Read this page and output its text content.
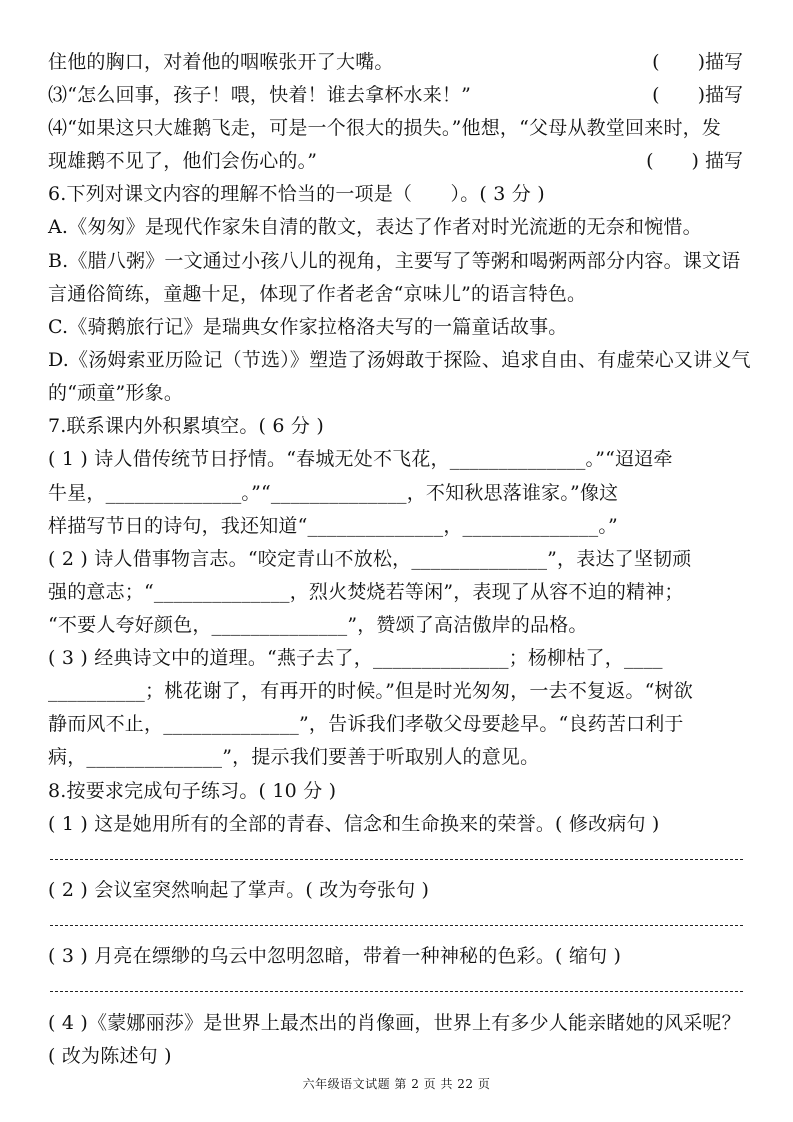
住他的胸口，对着他的咽喉张开了大嘴。	(　　)描写
⑶“怎么回事，孩子！喂，快着！谁去拿杯水来！”	(　　)描写
⑷“如果这只大雄鹅飞走，可是一个很大的损失。”他想，“父母从教堂回来时，发
现雄鹅不见了，他们会伤心的。”	(　　) 描写
6.下列对课文内容的理解不恰当的一项是（　　）。( 3 分 )
A.《匆匆》是现代作家朱自清的散文，表达了作者对时光流逝的无奈和惋惜。
B.《腊八粥》一文通过小孩八儿的视角，主要写了等粥和喝粥两部分内容。课文语
言通俗简练，童趣十足，体现了作者老舍“京味儿”的语言特色。
C.《骑鹅旅行记》是瑞典女作家拉格洛夫写的一篇童话故事。
D.《汤姆索亚历险记（节选）》塑造了汤姆敢于探险、追求自由、有虚荣心又讲义气
的“顽童”形象。
7.联系课内外积累填空。( 6 分 )
( 1 ) 诗人借传统节日抒情。“春城无处不飞花，______________。”“迢迢牵
牛星，______________。”“______________，不知秋思落谁家。”像这
样描写节日的诗句，我还知道“______________，______________。”
( 2 ) 诗人借事物言志。“咬定青山不放松，______________”，表达了坚韧顽
强的意志；“______________，烈火焚烧若等闲”，表现了从容不迫的精神；
“不要人夸好颜色，______________”，赞颂了高洁傲岸的品格。
( 3 ) 经典诗文中的道理。“燕子去了，______________；杨柳枯了，____
__________；桃花谢了，有再开的时候。”但是时光匆匆，一去不复返。“树欲
静而风不止，______________”，告诉我们孝敬父母要趁早。“良药苦口利于
病，______________”，提示我们要善于听取别人的意见。
8.按要求完成句子练习。( 10 分 )
( 1 ) 这是她用所有的全部的青春、信念和生命换来的荣誉。( 修改病句 )
( 2 ) 会议室突然响起了掌声。( 改为夸张句 )
( 3 ) 月亮在缥缈的乌云中忽明忽暗，带着一种神秘的色彩。( 缩句 )
( 4 )《蒙娜丽莎》是世界上最杰出的肖像画，世界上有多少人能亲睹她的风采呢？
( 改为陈述句 )
六年级语文试题 第 2 页 共 22 页
